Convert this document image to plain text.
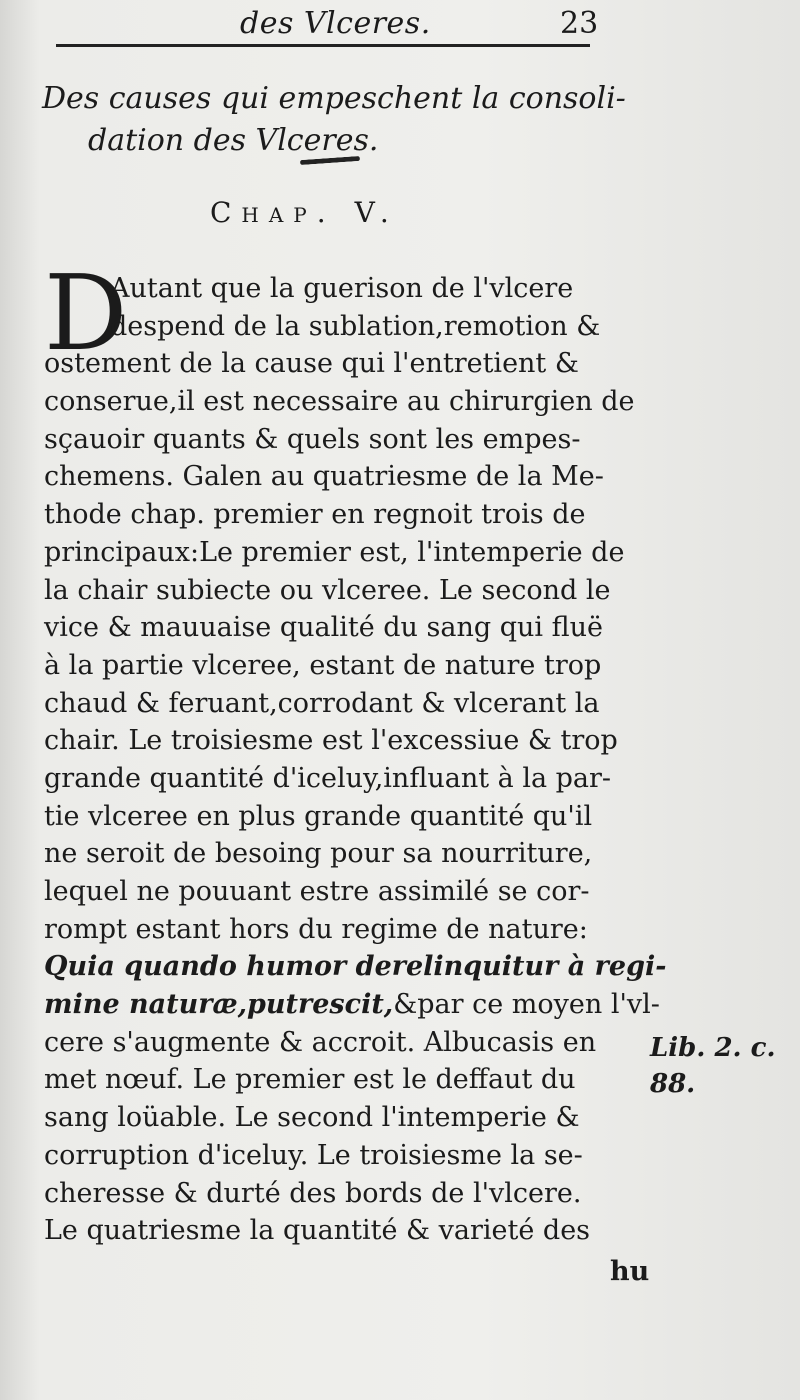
des Vlceres.	23
Des causes qui empeschent la consoli-
dation des Vlceres.
Chap. V.
D
Autant que la guerison de l'vlcere
despend de la sublation,remotion &
ostement de la cause qui l'entretient &
conserue,il est necessaire au chirurgien de
sçauoir quants & quels sont les empes-
chemens. Galen au quatriesme de la Me-
thode chap. premier en regnoit trois de
principaux:Le premier est, l'intemperie de
la chair subiecte ou vlceree. Le second le
vice & mauuaise qualité du sang qui fluë
à la partie vlceree, estant de nature trop
chaud & feruant,corrodant & vlcerant la
chair. Le troisiesme est l'excessiue & trop
grande quantité d'iceluy,influant à la par-
tie vlceree en plus grande quantité qu'il
ne seroit de besoing pour sa nourriture,
lequel ne pouuant estre assimilé se cor-
rompt estant hors du regime de nature:
Quia quando humor derelinquitur à regi-
mine naturæ,putrescit,&par ce moyen l'vl-
cere s'augmente & accroit. Albucasis en
met nœuf. Le premier est le deffaut du
sang loüable. Le second l'intemperie &
corruption d'iceluy. Le troisiesme la se-
cheresse & durté des bords de l'vlcere.
Le quatriesme la quantité & varieté des
Lib. 2. c.
88.
hu
